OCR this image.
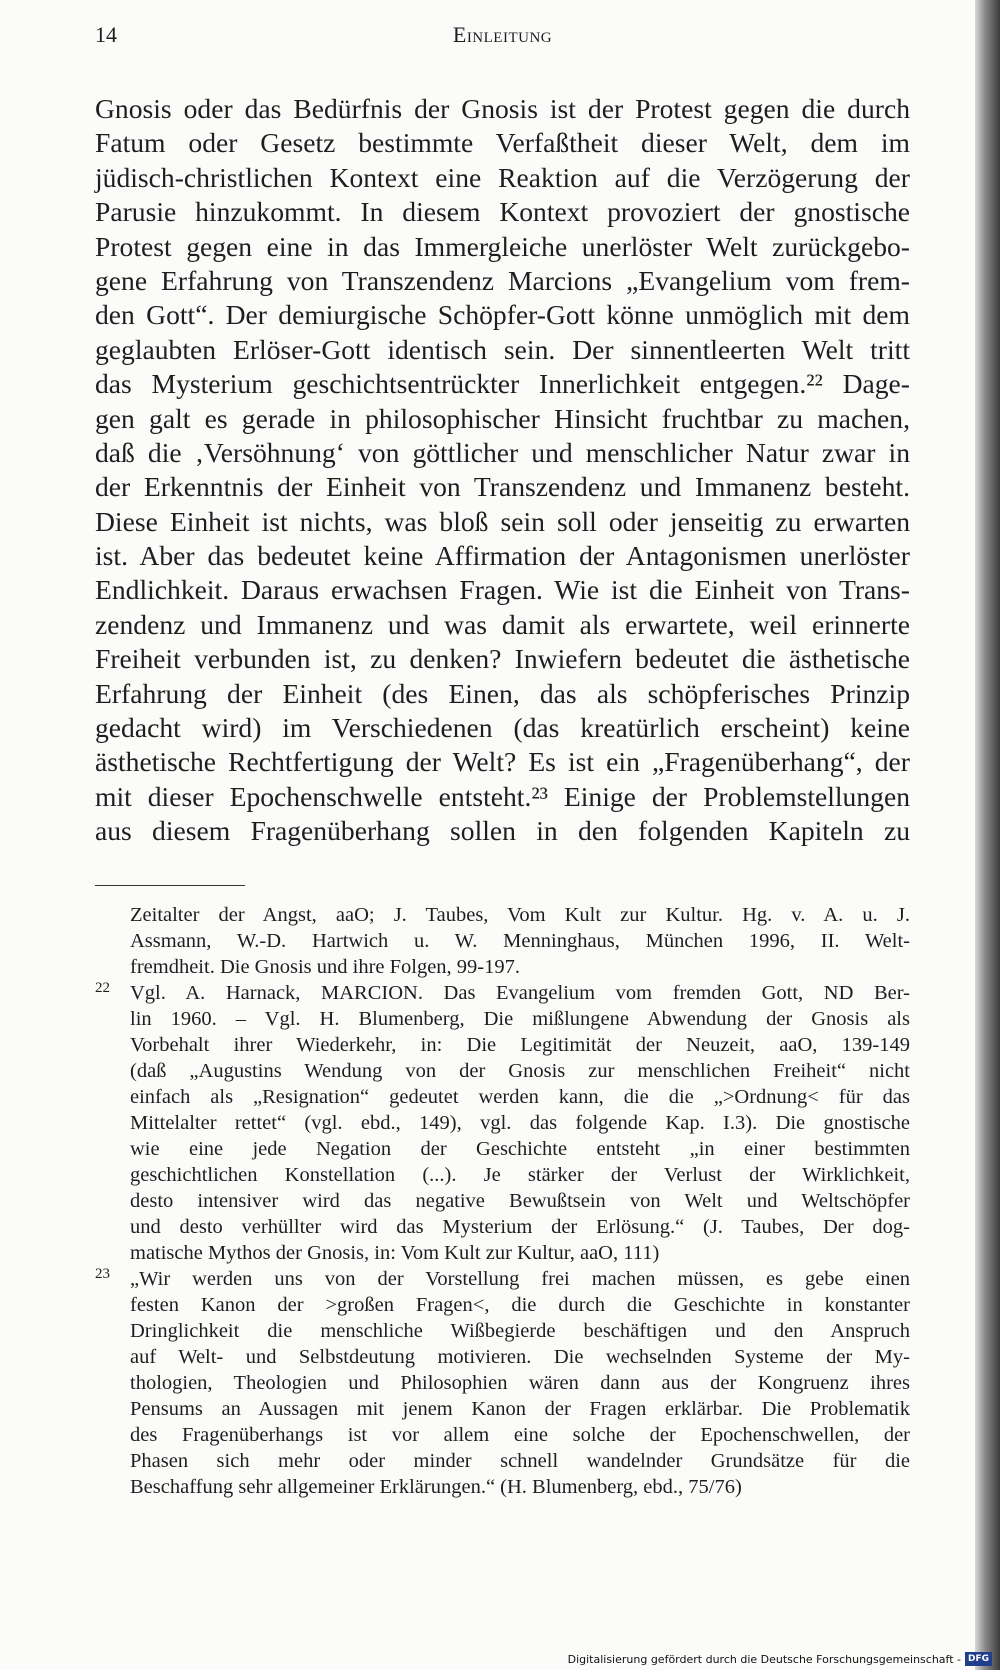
14	Einleitung
Gnosis oder das Bedürfnis der Gnosis ist der Protest gegen die durch
Fatum oder Gesetz bestimmte Verfaßtheit dieser Welt, dem im
jüdisch-christlichen Kontext eine Reaktion auf die Verzögerung der
Parusie hinzukommt. In diesem Kontext provoziert der gnostische
Protest gegen eine in das Immergleiche unerlöster Welt zurückgebo-
gene Erfahrung von Transzendenz Marcions „Evangelium vom frem-
den Gott“. Der demiurgische Schöpfer-Gott könne unmöglich mit dem
geglaubten Erlöser-Gott identisch sein. Der sinnentleerten Welt tritt
das Mysterium geschichtsentrückter Innerlichkeit entgegen.²² Dage-
gen galt es gerade in philosophischer Hinsicht fruchtbar zu machen,
daß die ‚Versöhnung‘ von göttlicher und menschlicher Natur zwar in
der Erkenntnis der Einheit von Transzendenz und Immanenz besteht.
Diese Einheit ist nichts, was bloß sein soll oder jenseitig zu erwarten
ist. Aber das bedeutet keine Affirmation der Antagonismen unerlöster
Endlichkeit. Daraus erwachsen Fragen. Wie ist die Einheit von Trans-
zendenz und Immanenz und was damit als erwartete, weil erinnerte
Freiheit verbunden ist, zu denken? Inwiefern bedeutet die ästhetische
Erfahrung der Einheit (des Einen, das als schöpferisches Prinzip
gedacht wird) im Verschiedenen (das kreatürlich erscheint) keine
ästhetische Rechtfertigung der Welt? Es ist ein „Fragenüberhang“, der
mit dieser Epochenschwelle entsteht.²³ Einige der Problemstellungen
aus diesem Fragenüberhang sollen in den folgenden Kapiteln zu
Zeitalter der Angst, aaO; J. Taubes, Vom Kult zur Kultur. Hg. v. A. u. J.
Assmann, W.-D. Hartwich u. W. Menninghaus, München 1996, II. Welt-
fremdheit. Die Gnosis und ihre Folgen, 99-197.
22 Vgl. A. Harnack, MARCION. Das Evangelium vom fremden Gott, ND Ber-
lin 1960. – Vgl. H. Blumenberg, Die mißlungene Abwendung der Gnosis als
Vorbehalt ihrer Wiederkehr, in: Die Legitimität der Neuzeit, aaO, 139-149
(daß „Augustins Wendung von der Gnosis zur menschlichen Freiheit“ nicht
einfach als „Resignation“ gedeutet werden kann, die die „>Ordnung< für das
Mittelalter rettet“ (vgl. ebd., 149), vgl. das folgende Kap. I.3). Die gnostische
wie eine jede Negation der Geschichte entsteht „in einer bestimmten
geschichtlichen Konstellation (...). Je stärker der Verlust der Wirklichkeit,
desto intensiver wird das negative Bewußtsein von Welt und Weltschöpfer
und desto verhüllter wird das Mysterium der Erlösung.“ (J. Taubes, Der dog-
matische Mythos der Gnosis, in: Vom Kult zur Kultur, aaO, 111)
23 „Wir werden uns von der Vorstellung frei machen müssen, es gebe einen
festen Kanon der >großen Fragen<, die durch die Geschichte in konstanter
Dringlichkeit die menschliche Wißbegierde beschäftigen und den Anspruch
auf Welt- und Selbstdeutung motivieren. Die wechselnden Systeme der My-
thologien, Theologien und Philosophien wären dann aus der Kongruenz ihres
Pensums an Aussagen mit jenem Kanon der Fragen erklärbar. Die Problematik
des Fragenüberhangs ist vor allem eine solche der Epochenschwellen, der
Phasen sich mehr oder minder schnell wandelnder Grundsätze für die
Beschaffung sehr allgemeiner Erklärungen.“ (H. Blumenberg, ebd., 75/76)
Digitalisierung gefördert durch die Deutsche Forschungsgemeinschaft - DFG
